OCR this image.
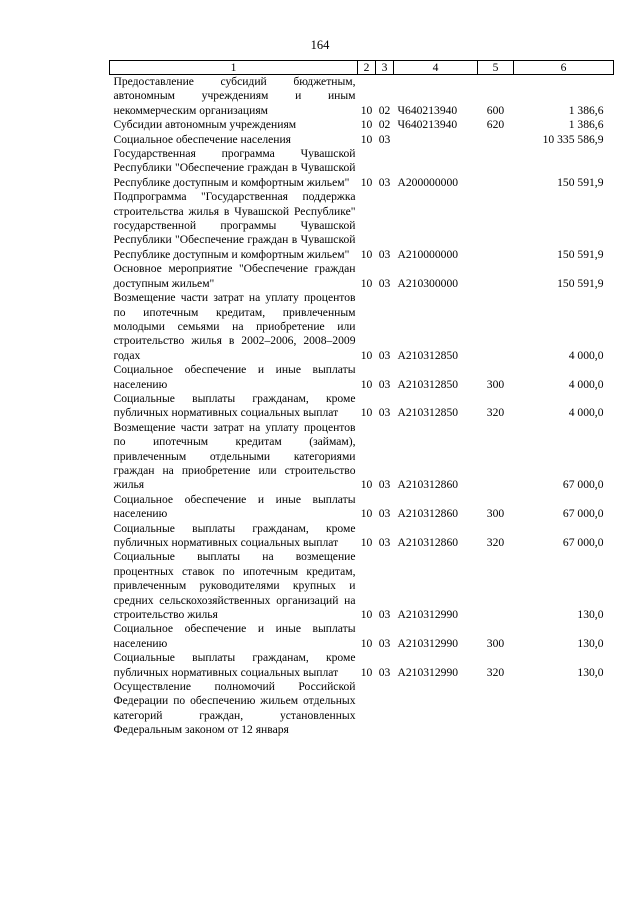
164
1	2	3	4	5	6
Предоставление субсидий бюджетным, автономным учреждениям и иным некоммерческим организациям	10	02	Ч640213940	600	1 386,6
Субсидии автономным учреждениям	10	02	Ч640213940	620	1 386,6
Социальное обеспечение населения	10	03			10 335 586,9
Государственная программа Чувашской Республики "Обеспечение граждан в Чувашской Республике доступным и комфортным жильем"	10	03	A200000000		150 591,9
Подпрограмма "Государственная поддержка строительства жилья в Чувашской Республике" государственной программы Чувашской Республики "Обеспечение граждан в Чувашской Республике доступным и комфортным жильем"	10	03	A210000000		150 591,9
Основное мероприятие "Обеспечение граждан доступным жильем"	10	03	A210300000		150 591,9
Возмещение части затрат на уплату процентов по ипотечным кредитам, привлеченным молодыми семьями на приобретение или строительство жилья в 2002–2006, 2008–2009 годах	10	03	A210312850		4 000,0
Социальное обеспечение и иные выплаты населению	10	03	A210312850	300	4 000,0
Социальные выплаты гражданам, кроме публичных нормативных социальных выплат	10	03	A210312850	320	4 000,0
Возмещение части затрат на уплату процентов по ипотечным кредитам (займам), привлеченным отдельными категориями граждан на приобретение или строительство жилья	10	03	A210312860		67 000,0
Социальное обеспечение и иные выплаты населению	10	03	A210312860	300	67 000,0
Социальные выплаты гражданам, кроме публичных нормативных социальных выплат	10	03	A210312860	320	67 000,0
Социальные выплаты на возмещение процентных ставок по ипотечным кредитам, привлеченным руководителями крупных и средних сельскохозяйственных организаций на строительство жилья	10	03	A210312990		130,0
Социальное обеспечение и иные выплаты населению	10	03	A210312990	300	130,0
Социальные выплаты гражданам, кроме публичных нормативных социальных выплат	10	03	A210312990	320	130,0
Осуществление полномочий Российской Федерации по обеспечению жильем отдельных категорий граждан, установленных Федеральным законом от 12 января					
